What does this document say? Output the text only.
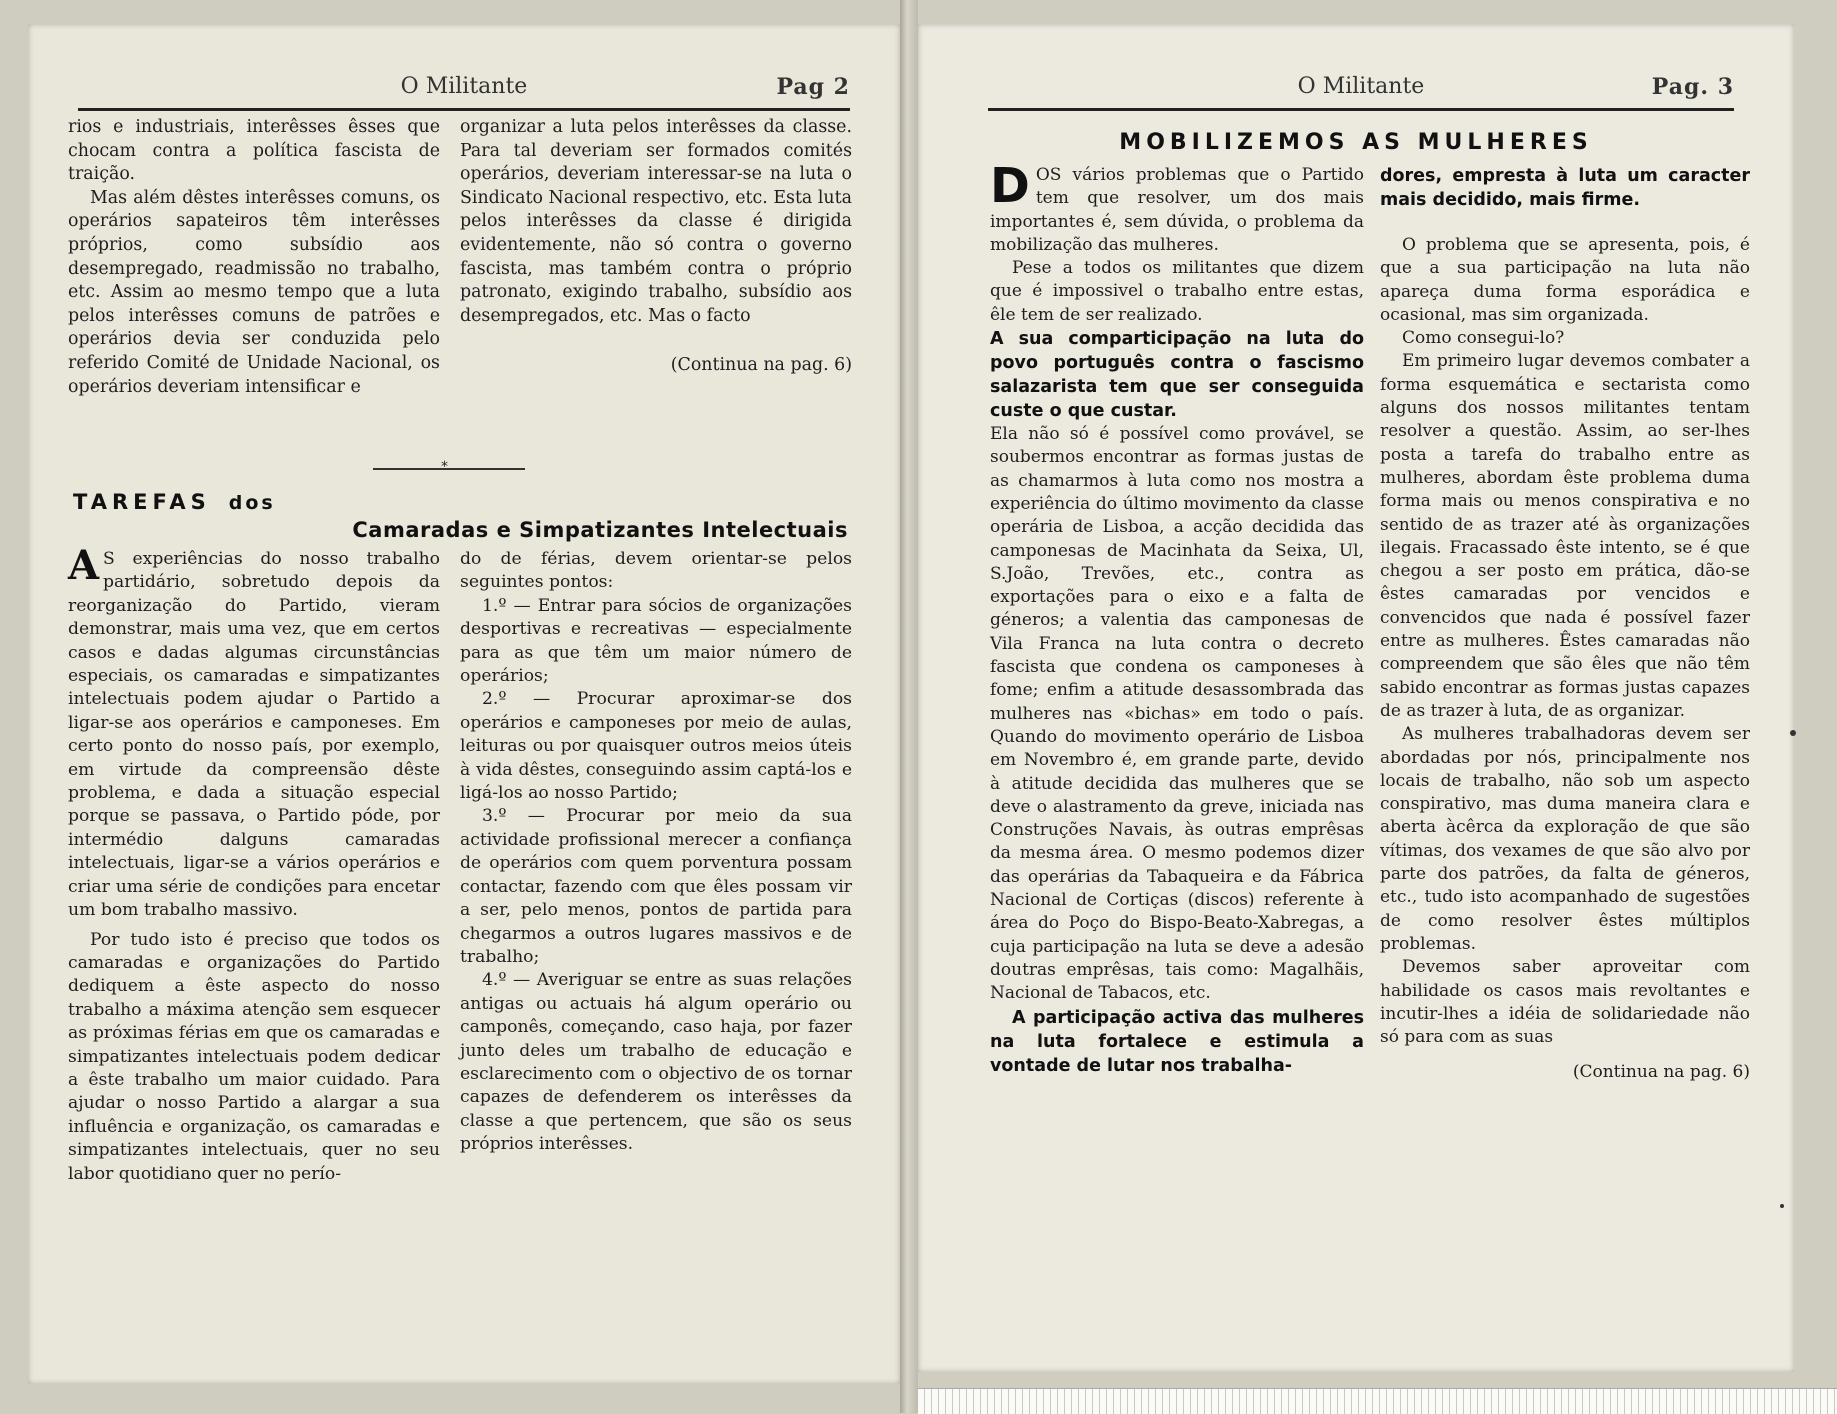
O Militante	Pag 2

rios e industriais, interêsses êsses que chocam contra a política fascista de traição.

Mas além dêstes interêsses comuns, os operários sapateiros têm interêsses próprios, como subsídio aos desempregado, readmissão no trabalho, etc. Assim ao mesmo tempo que a luta pelos interêsses comuns de patrões e operários devia ser conduzida pelo referido Comité de Unidade Nacional, os operários deveriam intensificar e

organizar a luta pelos interêsses da classe. Para tal deveriam ser formados comités operários, deveriam interessar-se na luta o Sindicato Nacional respectivo, etc. Esta luta pelos interêsses da classe é dirigida evidentemente, não só contra o governo fascista, mas também contra o próprio patronato, exigindo trabalho, subsídio aos desempregados, etc. Mas o facto

(Continua na pag. 6)

*
TAREFAS dos
Camaradas e Simpatizantes Intelectuais

A S experiências do nosso trabalho partidário, sobretudo depois da reorganização do Partido, vieram demonstrar, mais uma vez, que em certos casos e dadas algumas circunstâncias especiais, os camaradas e simpatizantes intelectuais podem ajudar o Partido a ligar-se aos operários e camponeses. Em certo ponto do nosso país, por exemplo, em virtude da compreensão dêste problema, e dada a situação especial porque se passava, o Partido póde, por intermédio dalguns camaradas intelectuais, ligar-se a vários operários e criar uma série de condições para encetar um bom trabalho massivo.

Por tudo isto é preciso que todos os camaradas e organizações do Partido dediquem a êste aspecto do nosso trabalho a máxima atenção sem esquecer as próximas férias em que os camaradas e simpatizantes intelectuais podem dedicar a êste trabalho um maior cuidado. Para ajudar o nosso Partido a alargar a sua influência e organização, os camaradas e simpatizantes intelectuais, quer no seu labor quotidiano quer no perío-

do de férias, devem orientar-se pelos seguintes pontos:

1.º — Entrar para sócios de organizações desportivas e recreativas — especialmente para as que têm um maior número de operários;

2.º — Procurar aproximar-se dos operários e camponeses por meio de aulas, leituras ou por quaisquer outros meios úteis à vida dêstes, conseguindo assim captá-los e ligá-los ao nosso Partido;

3.º — Procurar por meio da sua actividade profissional merecer a confiança de operários com quem porventura possam contactar, fazendo com que êles possam vir a ser, pelo menos, pontos de partida para chegarmos a outros lugares massivos e de trabalho;

4.º — Averiguar se entre as suas relações antigas ou actuais há algum operário ou camponês, começando, caso haja, por fazer junto deles um trabalho de educação e esclarecimento com o objectivo de os tornar capazes de defenderem os interêsses da classe a que pertencem, que são os seus próprios interêsses.

O Militante	Pag. 3
MOBILIZEMOS AS MULHERES

DOS vários problemas que o Partido tem que resolver, um dos mais importantes é, sem dúvida, o problema da mobilização das mulheres.

Pese a todos os militantes que dizem que é impossivel o trabalho entre estas, êle tem de ser realizado.

A sua comparticipação na luta do povo português contra o fascismo salazarista tem que ser conseguida custe o que custar.

Ela não só é possível como provável, se soubermos encontrar as formas justas de as chamarmos à luta como nos mostra a experiência do último movimento da classe operária de Lisboa, a acção decidida das camponesas de Macinhata da Seixa, Ul, S.João, Trevões, etc., contra as exportações para o eixo e a falta de géneros; a valentia das camponesas de Vila Franca na luta contra o decreto fascista que condena os camponeses à fome; enfim a atitude desassombrada das mulheres nas «bichas» em todo o país. Quando do movimento operário de Lisboa em Novembro é, em grande parte, devido à atitude decidida das mulheres que se deve o alastramento da greve, iniciada nas Construções Navais, às outras emprêsas da mesma área. O mesmo podemos dizer das operárias da Tabaqueira e da Fábrica Nacional de Cortiças (discos) referente à área do Poço do Bispo-Beato-Xabregas, a cuja participação na luta se deve a adesão doutras emprêsas, tais como: Magalhãis, Nacional de Tabacos, etc.

A participação activa das mulheres na luta fortalece e estimula a vontade de lutar nos trabalha-

dores, empresta à luta um caracter mais decidido, mais firme.

O problema que se apresenta, pois, é que a sua participação na luta não apareça duma forma esporádica e ocasional, mas sim organizada.

Como consegui-lo?

Em primeiro lugar devemos combater a forma esquemática e sectarista como alguns dos nossos militantes tentam resolver a questão. Assim, ao ser-lhes posta a tarefa do trabalho entre as mulheres, abordam êste problema duma forma mais ou menos conspirativa e no sentido de as trazer até às organizações ilegais. Fracassado êste intento, se é que chegou a ser posto em prática, dão-se êstes camaradas por vencidos e convencidos que nada é possível fazer entre as mulheres. Êstes camaradas não compreendem que são êles que não têm sabido encontrar as formas justas capazes de as trazer à luta, de as organizar.

As mulheres trabalhadoras devem ser abordadas por nós, principalmente nos locais de trabalho, não sob um aspecto conspirativo, mas duma maneira clara e aberta àcêrca da exploração de que são vítimas, dos vexames de que são alvo por parte dos patrões, da falta de géneros, etc., tudo isto acompanhado de sugestões de como resolver êstes múltiplos problemas.

Devemos saber aproveitar com habilidade os casos mais revoltantes e incutir-lhes a idéia de solidariedade não só para com as suas

(Continua na pag. 6)
